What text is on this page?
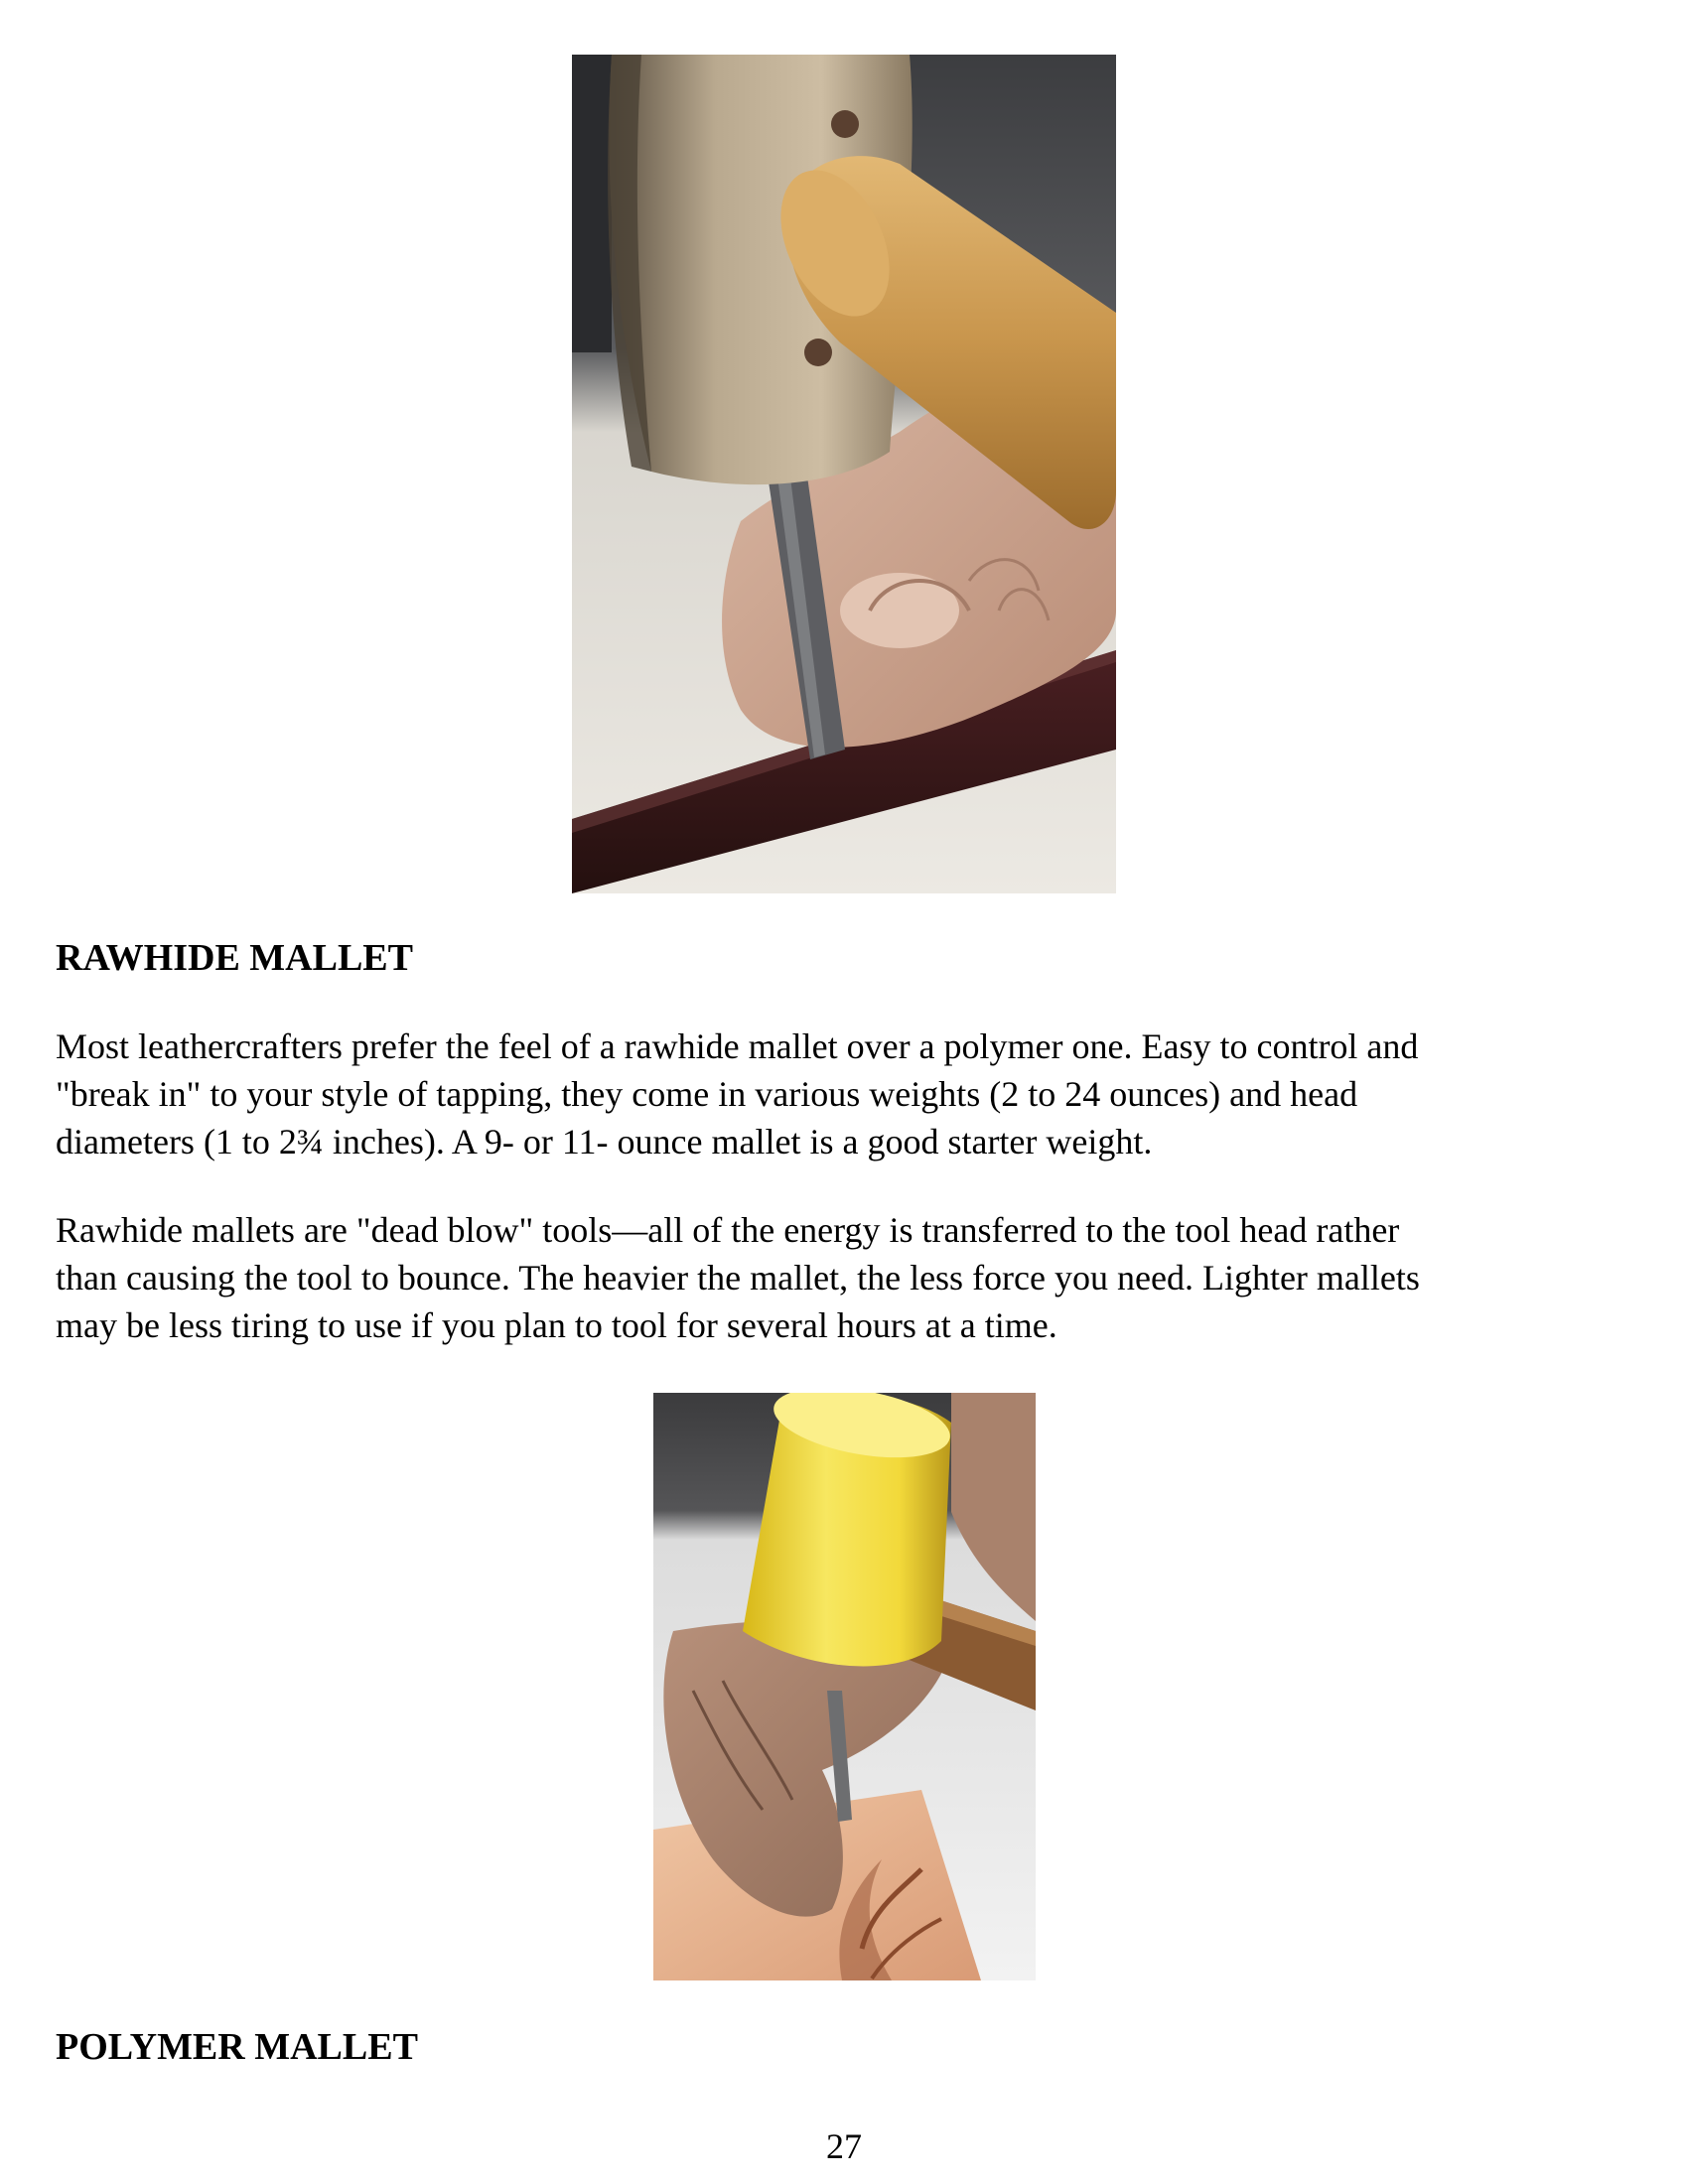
RAWHIDE MALLET

Most leathercrafters prefer the feel of a rawhide mallet over a polymer one. Easy to control and
"break in" to your style of tapping, they come in various weights (2 to 24 ounces) and head
diameters (1 to 2¾ inches). A 9- or 11- ounce mallet is a good starter weight.

Rawhide mallets are "dead blow" tools—all of the energy is transferred to the tool head rather
than causing the tool to bounce. The heavier the mallet, the less force you need. Lighter mallets
may be less tiring to use if you plan to tool for several hours at a time.

POLYMER MALLET
27
